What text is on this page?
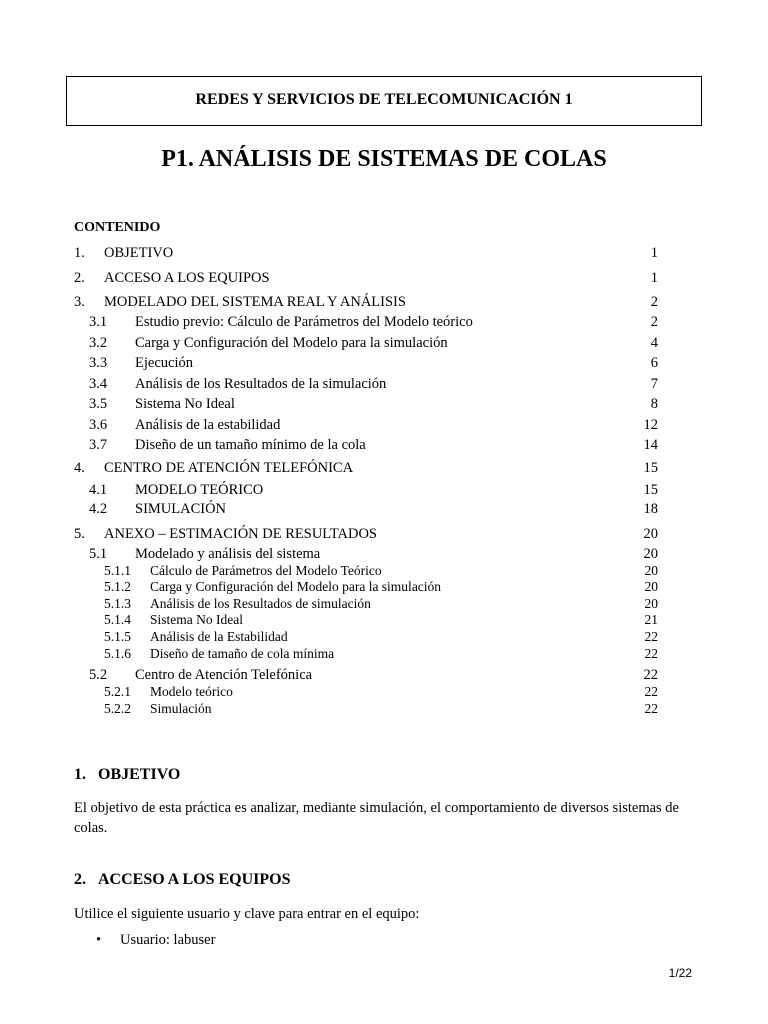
REDES Y SERVICIOS DE TELECOMUNICACIÓN 1
P1. ANÁLISIS DE SISTEMAS DE COLAS
CONTENIDO
1. OBJETIVO	1
2. ACCESO A LOS EQUIPOS	1
3. MODELADO DEL SISTEMA REAL Y ANÁLISIS	2
3.1 Estudio previo: Cálculo de Parámetros del Modelo teórico	2
3.2 Carga y Configuración del Modelo para la simulación	4
3.3 Ejecución	6
3.4 Análisis de los Resultados de la simulación	7
3.5 Sistema No Ideal	8
3.6 Análisis de la estabilidad	12
3.7 Diseño de un tamaño mínimo de la cola	14
4. CENTRO DE ATENCIÓN TELEFÓNICA	15
4.1 MODELO TEÓRICO	15
4.2 SIMULACIÓN	18
5. ANEXO – ESTIMACIÓN DE RESULTADOS	20
5.1 Modelado y análisis del sistema	20
5.1.1 Cálculo de Parámetros del Modelo Teórico	20
5.1.2 Carga y Configuración del Modelo para la simulación	20
5.1.3 Análisis de los Resultados de simulación	20
5.1.4 Sistema No Ideal	21
5.1.5 Análisis de la Estabilidad	22
5.1.6 Diseño de tamaño de cola mínima	22
5.2 Centro de Atención Telefónica	22
5.2.1 Modelo teórico	22
5.2.2 Simulación	22
1. OBJETIVO
El objetivo de esta práctica es analizar, mediante simulación, el comportamiento de diversos sistemas de colas.
2. ACCESO A LOS EQUIPOS
Utilice el siguiente usuario y clave para entrar en el equipo:
• Usuario: labuser
1/22
